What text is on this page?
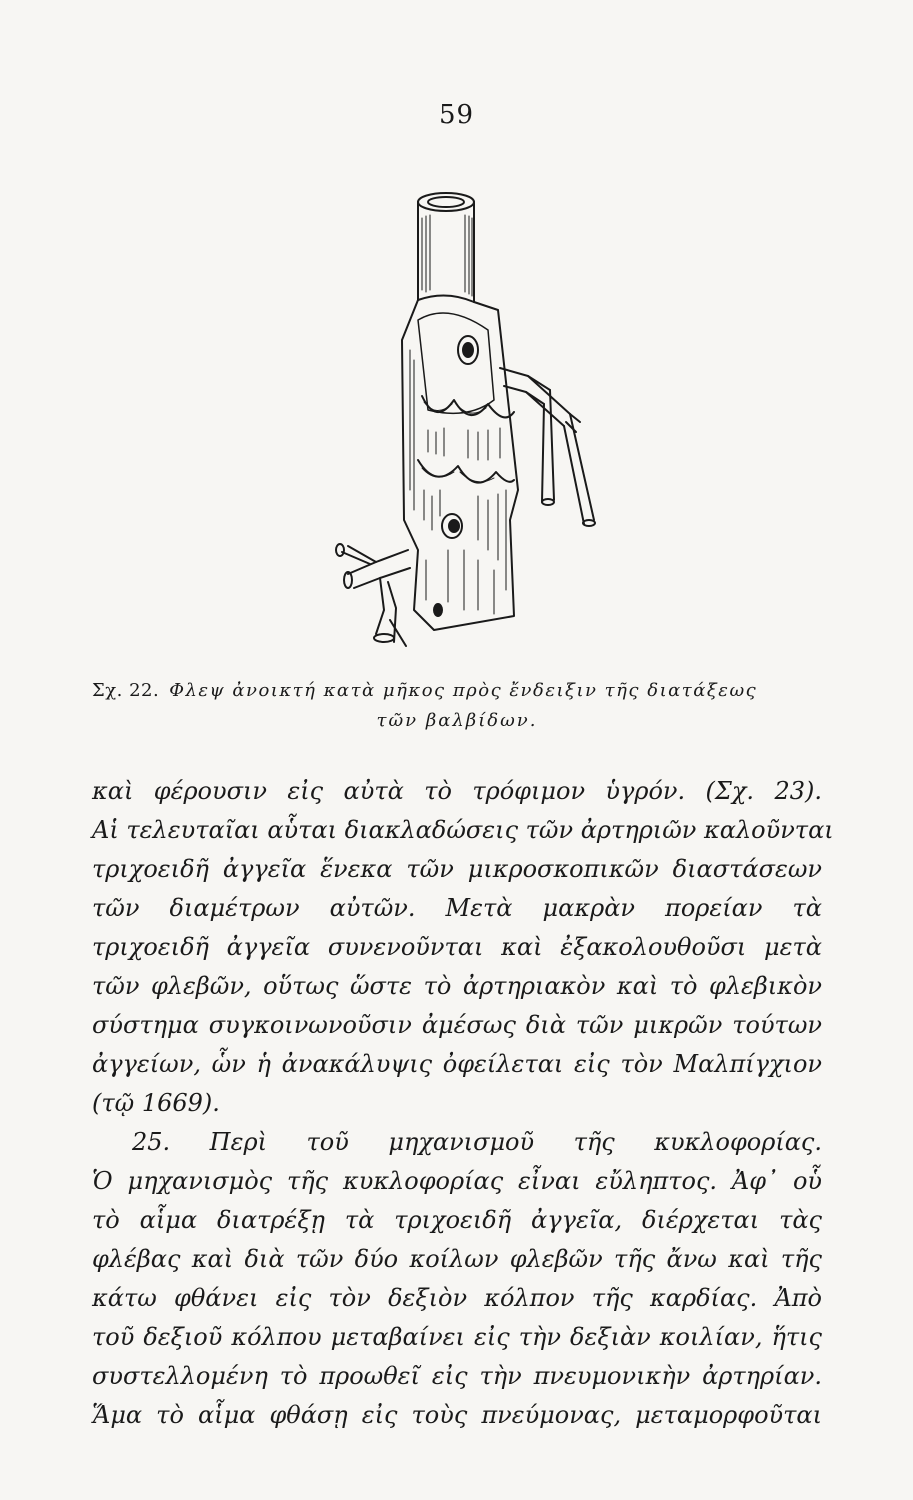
59
Σχ. 22. Φλεψ ἀνοικτή κατὰ μῆκος πρὸς ἔνδειξιν τῆς διατάξεως
τῶν βαλβίδων.
καὶ φέρουσιν εἰς αὐτὰ τὸ τρόφιμον ὑγρόν. (Σχ. 23).
Αἱ τελευταῖαι αὗται διακλαδώσεις τῶν ἀρτηριῶν καλοῦνται
τριχοειδῆ ἀγγεῖα ἕνεκα τῶν μικροσκοπικῶν διαστάσεων
τῶν διαμέτρων αὐτῶν. Μετὰ μακρὰν πορείαν τὰ
τριχοειδῆ ἀγγεῖα συνενοῦνται καὶ ἐξακολουθοῦσι μετὰ
τῶν φλεβῶν, οὕτως ὥστε τὸ ἀρτηριακὸν καὶ τὸ φλεβικὸν
σύστημα συγκοινωνοῦσιν ἀμέσως διὰ τῶν μικρῶν τούτων
ἀγγείων, ὧν ἡ ἀνακάλυψις ὀφείλεται εἰς τὸν Μαλπίγχιον
(τῷ 1669).
25. Περὶ τοῦ μηχανισμοῦ τῆς κυκλοφορίας.
Ὁ μηχανισμὸς τῆς κυκλοφορίας εἶναι εὔληπτος. Ἀφ᾽ οὗ
τὸ αἷμα διατρέξῃ τὰ τριχοειδῆ ἀγγεῖα, διέρχεται τὰς
φλέβας καὶ διὰ τῶν δύο κοίλων φλεβῶν τῆς ἄνω καὶ τῆς
κάτω φθάνει εἰς τὸν δεξιὸν κόλπον τῆς καρδίας. Ἀπὸ
τοῦ δεξιοῦ κόλπου μεταβαίνει εἰς τὴν δεξιὰν κοιλίαν, ἥτις
συστελλομένη τὸ προωθεῖ εἰς τὴν πνευμονικὴν ἀρτηρίαν.
Ἅμα τὸ αἷμα φθάσῃ εἰς τοὺς πνεύμονας, μεταμορφοῦται
